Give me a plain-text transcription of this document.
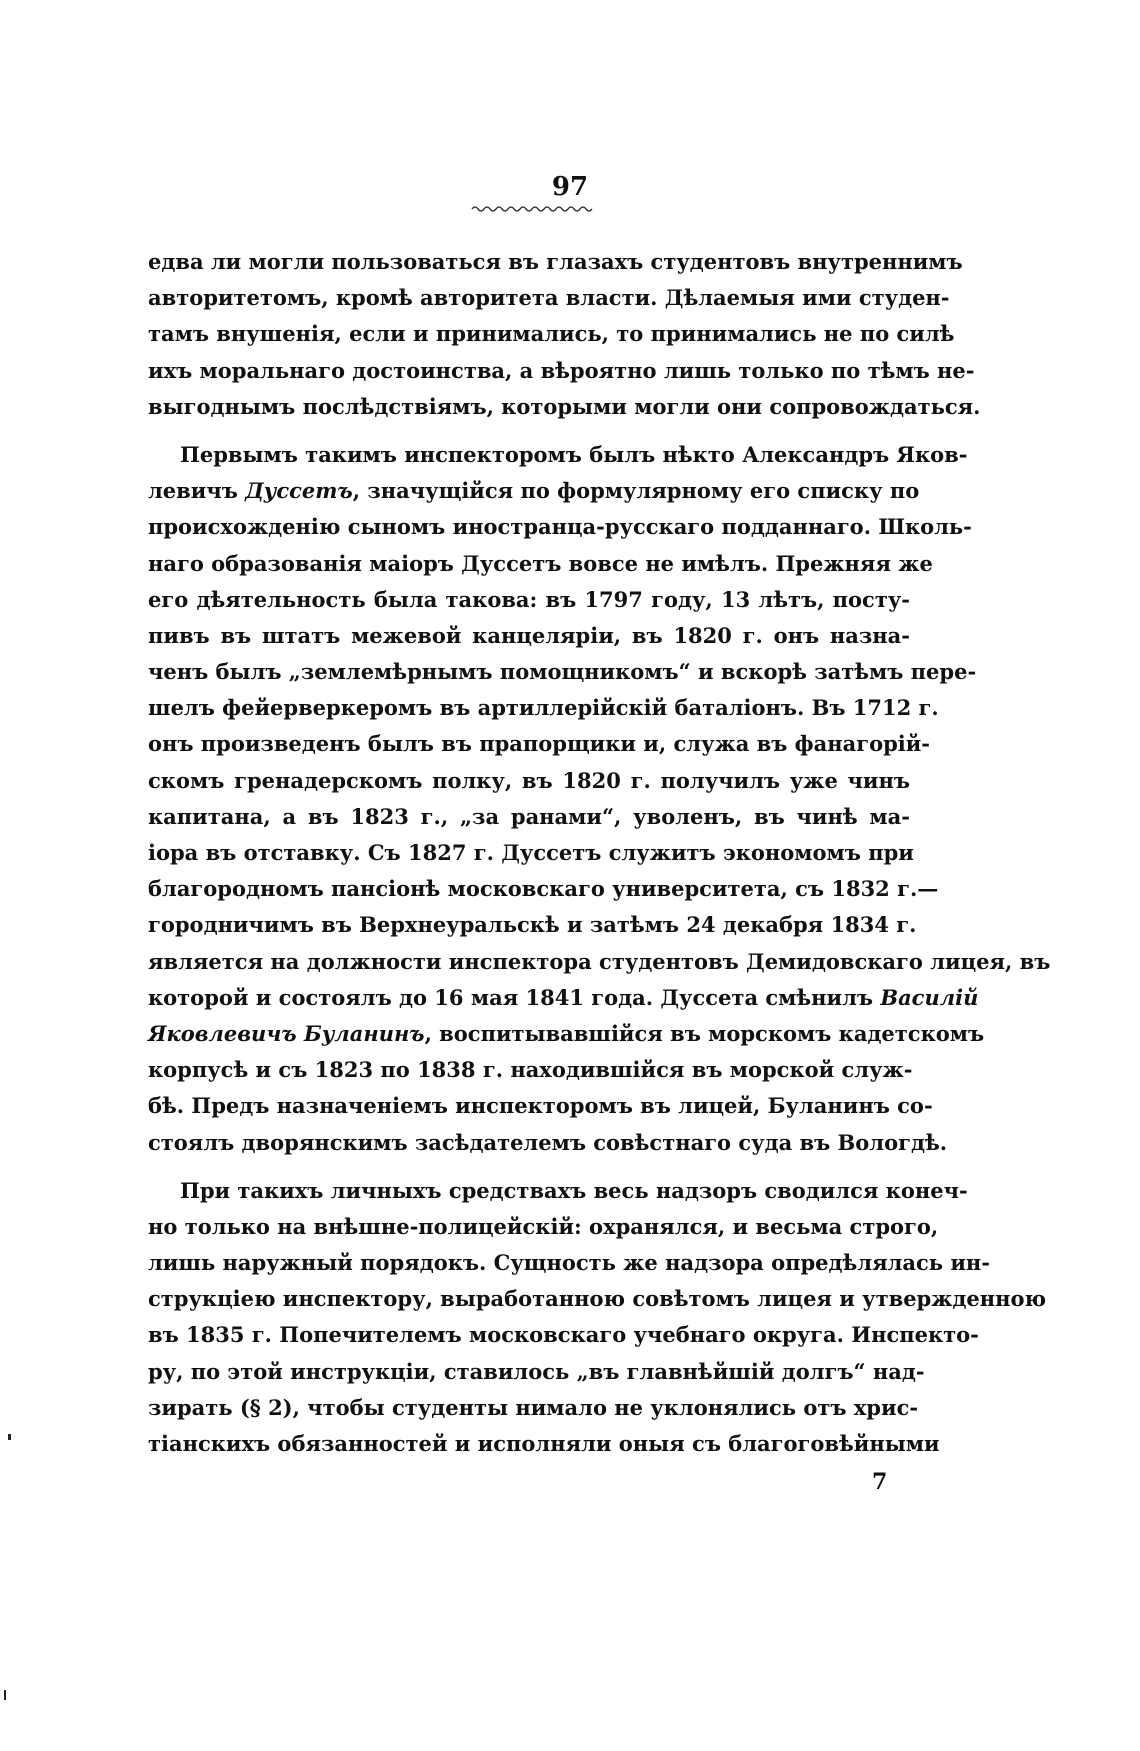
97
едва ли могли пользоваться въ глазахъ студентовъ внутреннимъ
авторитетомъ, кромѣ авторитета власти. Дѣлаемыя ими студен-
тамъ внушенія, если и принимались, то принимались не по силѣ
ихъ моральнаго достоинства, а вѣроятно лишь только по тѣмъ не-
выгоднымъ послѣдствіямъ, которыми могли они сопровождаться.
Первымъ такимъ инспекторомъ былъ нѣкто Александръ Яков-
левичъ Дуссетъ, значущійся по формулярному его списку по
происхожденію сыномъ иностранца-русскаго подданнаго. Школь-
наго образованія маіоръ Дуссетъ вовсе не имѣлъ. Прежняя же
его дѣятельность была такова: въ 1797 году, 13 лѣтъ, посту-
пивъ въ штатъ межевой канцеляріи, въ 1820 г. онъ назна-
ченъ былъ „землемѣрнымъ помощникомъ“ и вскорѣ затѣмъ пере-
шелъ фейерверкеромъ въ артиллерійскій баталіонъ. Въ 1712 г.
онъ произведенъ былъ въ прапорщики и, служа въ фанагорій-
скомъ гренадерскомъ полку, въ 1820 г. получилъ уже чинъ
капитана, а въ 1823 г., „за ранами“, уволенъ, въ чинѣ ма-
іора въ отставку. Съ 1827 г. Дуссетъ служитъ экономомъ при
благородномъ пансіонѣ московскаго университета, съ 1832 г.—
городничимъ въ Верхнеуральскѣ и затѣмъ 24 декабря 1834 г.
является на должности инспектора студентовъ Демидовскаго лицея, въ
которой и состоялъ до 16 мая 1841 года. Дуссета смѣнилъ Василій
Яковлевичъ Буланинъ, воспитывавшійся въ морскомъ кадетскомъ
корпусѣ и съ 1823 по 1838 г. находившійся въ морской служ-
бѣ. Предъ назначеніемъ инспекторомъ въ лицей, Буланинъ со-
стоялъ дворянскимъ засѣдателемъ совѣстнаго суда въ Вологдѣ.
При такихъ личныхъ средствахъ весь надзоръ сводился конеч-
но только на внѣшне-полицейскій: охранялся, и весьма строго,
лишь наружный порядокъ. Сущность же надзора опредѣлялась ин-
струкціею инспектору, выработанною совѣтомъ лицея и утвержденною
въ 1835 г. Попечителемъ московскаго учебнаго округа. Инспекто-
ру, по этой инструкціи, ставилось „въ главнѣйшій долгъ“ над-
зирать (§ 2), чтобы студенты нимало не уклонялись отъ хрис-
тіанскихъ обязанностей и исполняли оныя съ благоговѣйными
7
